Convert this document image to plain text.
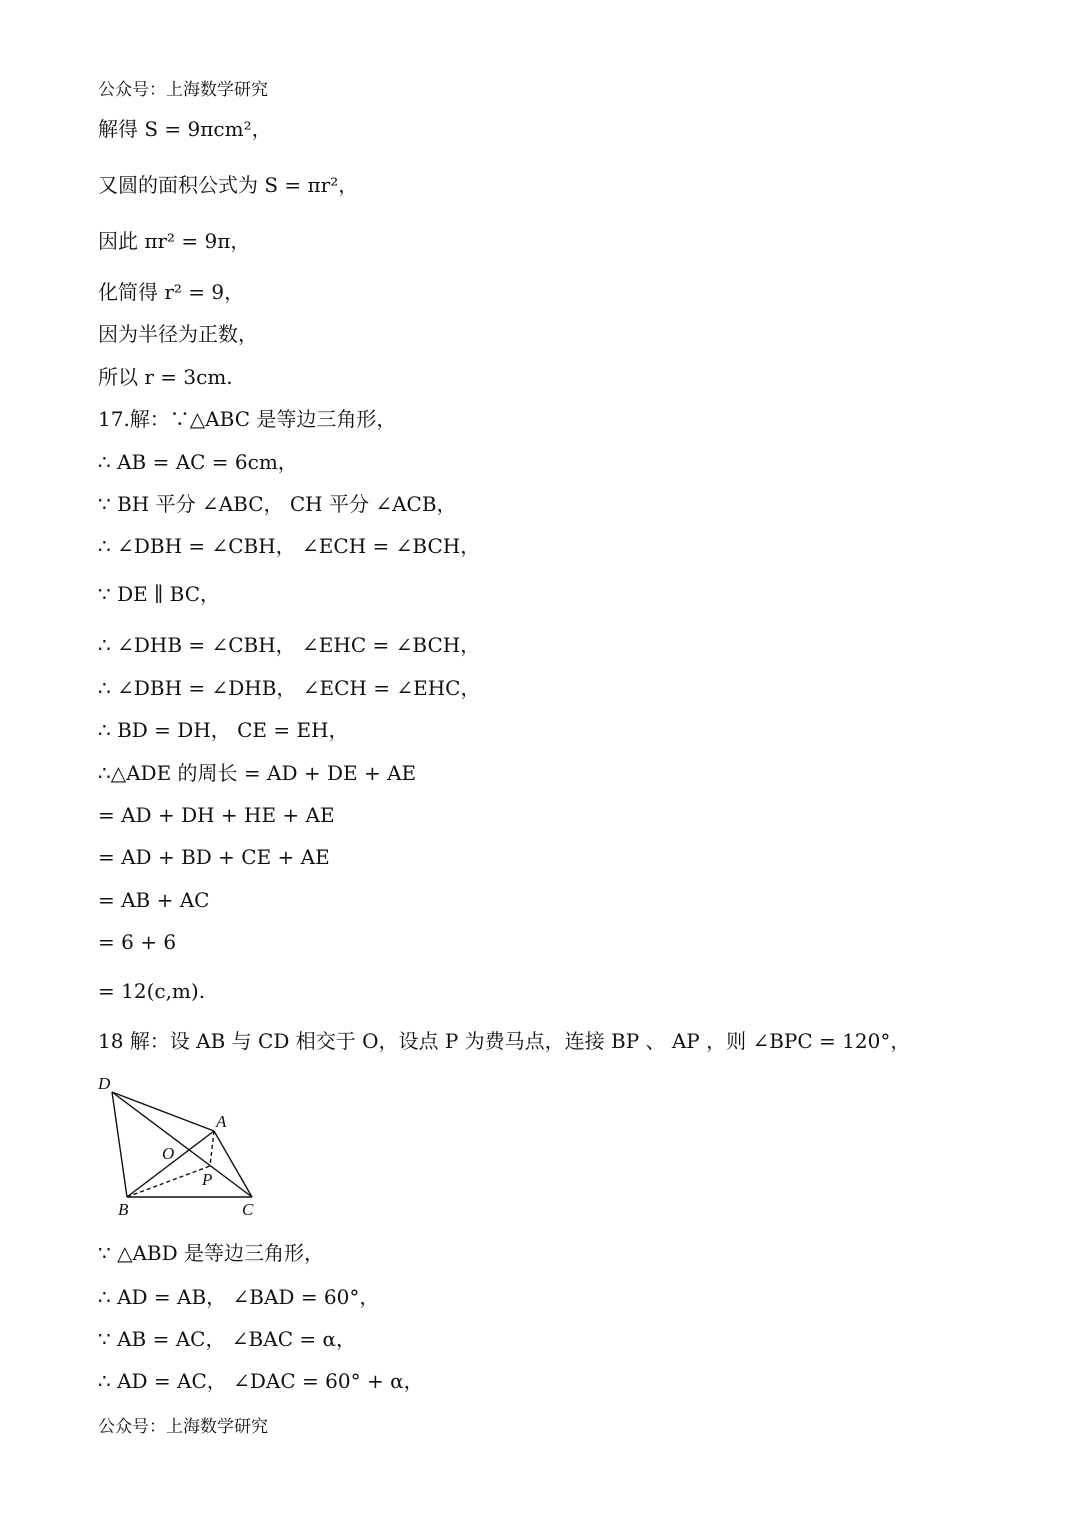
公众号：上海数学研究
解得 S = 9πcm²，
又圆的面积公式为 S = πr²，
因此 πr² = 9π，
化简得 r² = 9，
因为半径为正数，
所以 r = 3cm.
17.解：∵△ABC 是等边三角形，
∴ AB = AC = 6cm，
∵ BH 平分 ∠ABC， CH 平分 ∠ACB，
∴ ∠DBH = ∠CBH， ∠ECH = ∠BCH，
∵ DE ∥ BC，
∴ ∠DHB = ∠CBH， ∠EHC = ∠BCH，
∴ ∠DBH = ∠DHB， ∠ECH = ∠EHC，
∴ BD = DH， CE = EH，
∴△ADE 的周长 = AD + DE + AE
= AD + DH + HE + AE
= AD + BD + CE + AE
= AB + AC
= 6 + 6
= 12(c,m).
18 解：设 AB 与 CD 相交于 O，设点 P 为费马点，连接 BP 、 AP ，则 ∠BPC = 120°，
D
A
O
P
B	C
∵ △ABD 是等边三角形，
∴ AD = AB， ∠BAD = 60°，
∵ AB = AC， ∠BAC = α，
∴ AD = AC， ∠DAC = 60° + α，
公众号：上海数学研究
